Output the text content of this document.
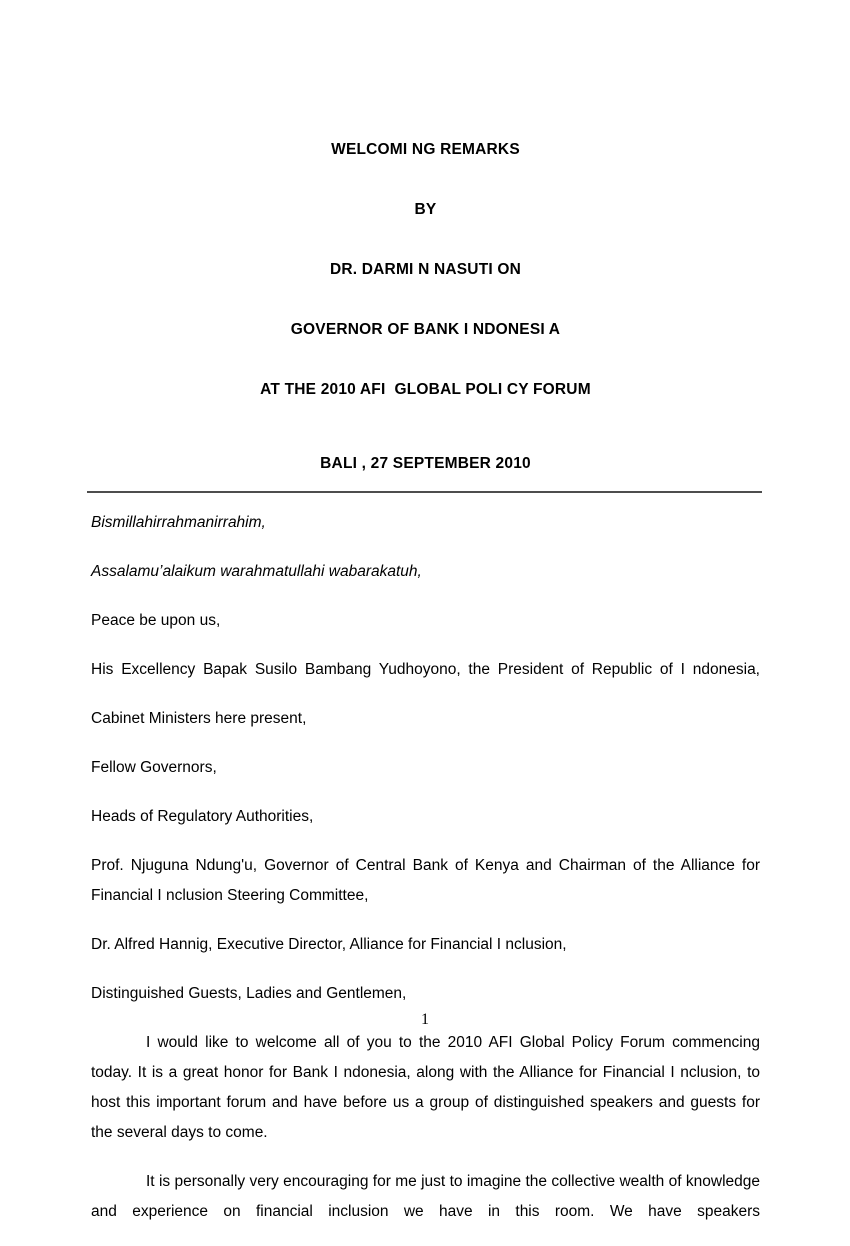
WELCOMI NG REMARKS

BY

DR. DARMI N NASUTI ON

GOVERNOR OF BANK I NDONESI A

AT THE 2010 AFI  GLOBAL POLI CY FORUM

BALI , 27 SEPTEMBER 2010

Bismillahirrahmanirrahim,

Assalamu’alaikum warahmatullahi wabarakatuh,

Peace be upon us,

His Excellency Bapak Susilo Bambang Yudhoyono, the President of Republic of I ndonesia,

Cabinet Ministers here present,

Fellow Governors,

Heads of Regulatory Authorities,

Prof. Njuguna Ndung'u, Governor of Central Bank of Kenya and Chairman of the Alliance for Financial I nclusion Steering Committee,

Dr. Alfred Hannig, Executive Director, Alliance for Financial I nclusion,

Distinguished Guests, Ladies and Gentlemen,

I would like to welcome all of you to the 2010 AFI Global Policy Forum commencing today. It is a great honor for Bank I ndonesia, along with the Alliance for Financial I nclusion, to host this important forum and have before us a group of distinguished speakers and guests for the several days to come.

It is personally very encouraging for me just to imagine the collective wealth of knowledge and experience on financial inclusion we have in this room. We have speakers

1
